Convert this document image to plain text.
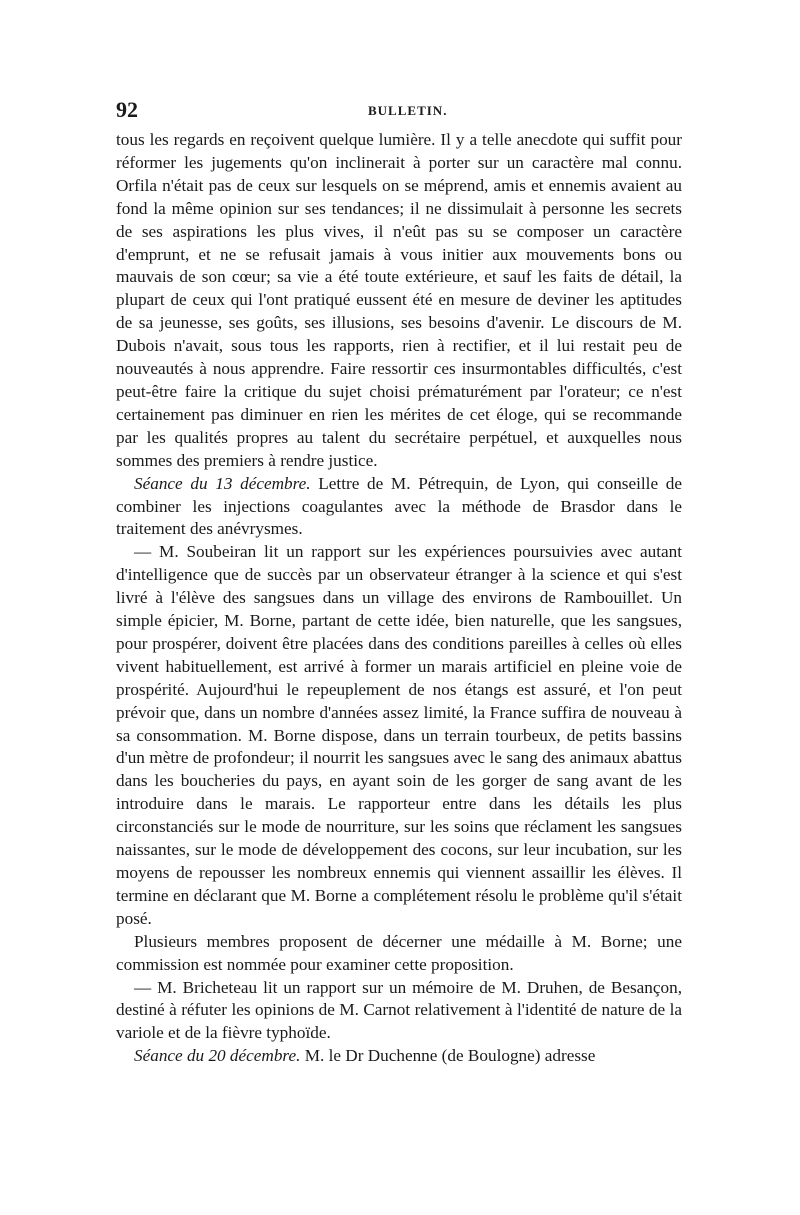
92	BULLETIN.

tous les regards en reçoivent quelque lumière. Il y a telle anecdote qui suffit pour réformer les jugements qu'on inclinerait à porter sur un caractère mal connu. Orfila n'était pas de ceux sur lesquels on se méprend, amis et ennemis avaient au fond la même opinion sur ses tendances; il ne dissimulait à personne les secrets de ses aspirations les plus vives, il n'eût pas su se composer un caractère d'emprunt, et ne se refusait jamais à vous initier aux mouvements bons ou mauvais de son cœur; sa vie a été toute extérieure, et sauf les faits de détail, la plupart de ceux qui l'ont pratiqué eussent été en mesure de deviner les aptitudes de sa jeunesse, ses goûts, ses illusions, ses besoins d'avenir. Le discours de M. Dubois n'avait, sous tous les rapports, rien à rectifier, et il lui restait peu de nouveautés à nous apprendre. Faire ressortir ces insurmontables difficultés, c'est peut-être faire la critique du sujet choisi prématurément par l'orateur; ce n'est certainement pas diminuer en rien les mérites de cet éloge, qui se recommande par les qualités propres au talent du secrétaire perpétuel, et auxquelles nous sommes des premiers à rendre justice.

Séance du 13 décembre. Lettre de M. Pétrequin, de Lyon, qui conseille de combiner les injections coagulantes avec la méthode de Brasdor dans le traitement des anévrysmes.

— M. Soubeiran lit un rapport sur les expériences poursuivies avec autant d'intelligence que de succès par un observateur étranger à la science et qui s'est livré à l'élève des sangsues dans un village des environs de Rambouillet. Un simple épicier, M. Borne, partant de cette idée, bien naturelle, que les sangsues, pour prospérer, doivent être placées dans des conditions pareilles à celles où elles vivent habituellement, est arrivé à former un marais artificiel en pleine voie de prospérité. Aujourd'hui le repeuplement de nos étangs est assuré, et l'on peut prévoir que, dans un nombre d'années assez limité, la France suffira de nouveau à sa consommation. M. Borne dispose, dans un terrain tourbeux, de petits bassins d'un mètre de profondeur; il nourrit les sangsues avec le sang des animaux abattus dans les boucheries du pays, en ayant soin de les gorger de sang avant de les introduire dans le marais. Le rapporteur entre dans les détails les plus circonstanciés sur le mode de nourriture, sur les soins que réclament les sangsues naissantes, sur le mode de développement des cocons, sur leur incubation, sur les moyens de repousser les nombreux ennemis qui viennent assaillir les élèves. Il termine en déclarant que M. Borne a complétement résolu le problème qu'il s'était posé.

Plusieurs membres proposent de décerner une médaille à M. Borne; une commission est nommée pour examiner cette proposition.

— M. Bricheteau lit un rapport sur un mémoire de M. Druhen, de Besançon, destiné à réfuter les opinions de M. Carnot relativement à l'identité de nature de la variole et de la fièvre typhoïde.

Séance du 20 décembre. M. le Dr Duchenne (de Boulogne) adresse
